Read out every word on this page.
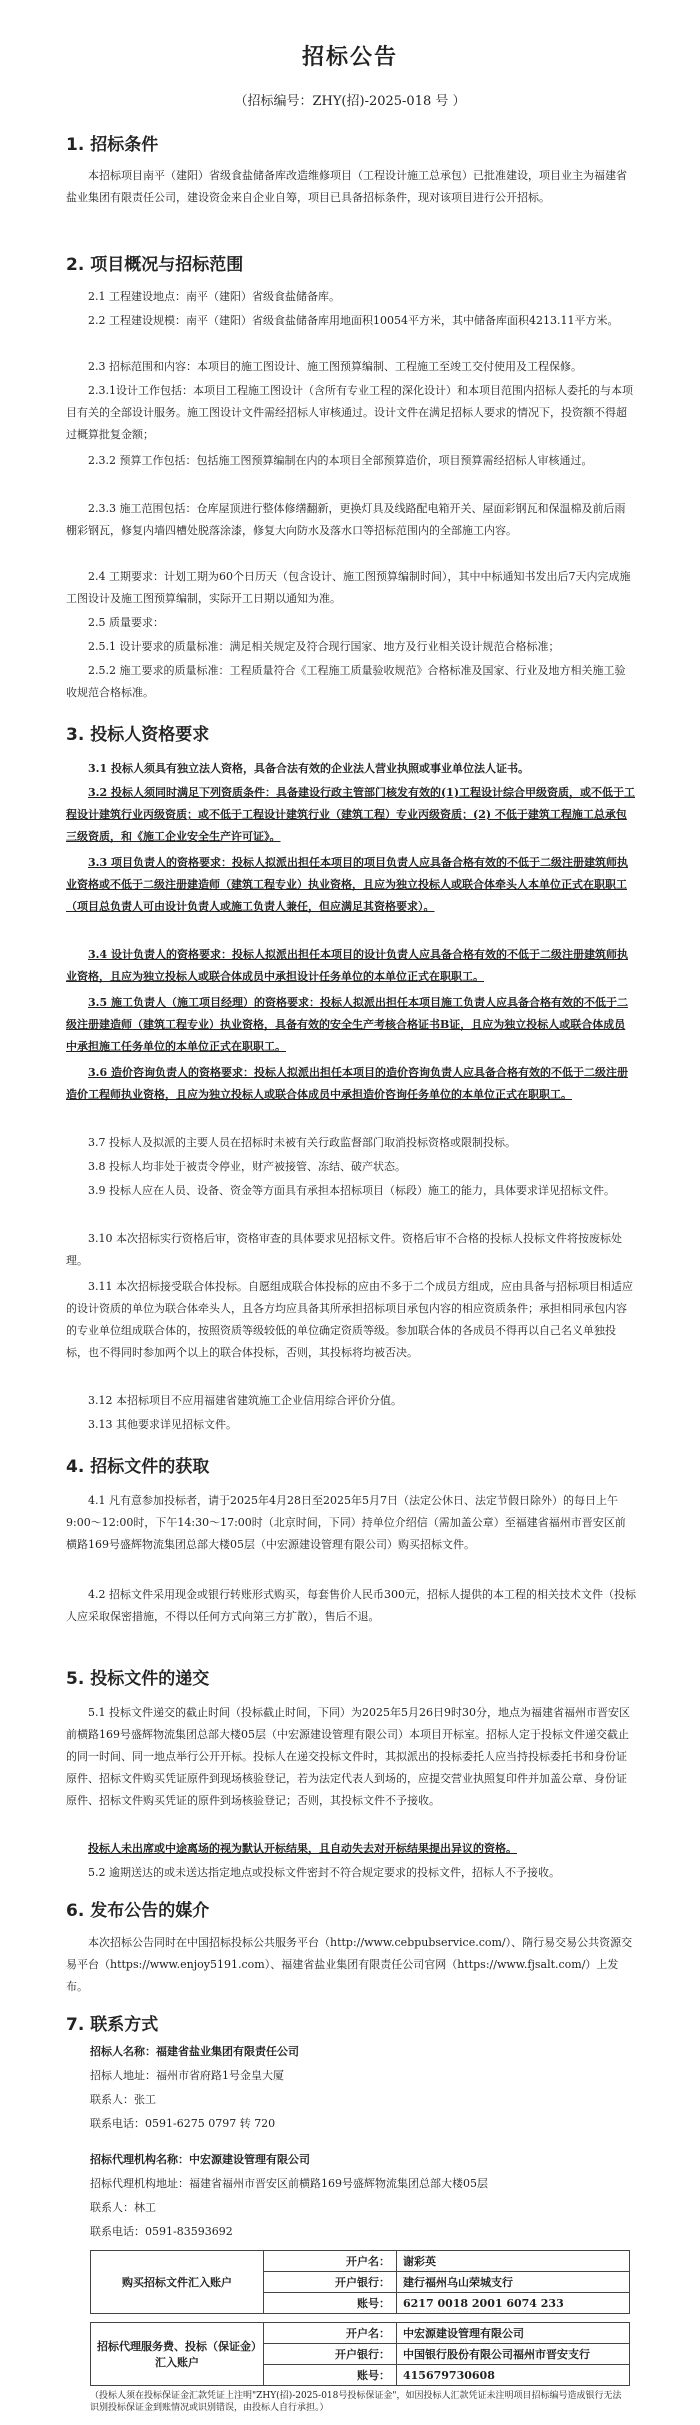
招标公告
（招标编号：ZHY(招)-2025-018 号 ）
1. 招标条件
本招标项目南平（建阳）省级食盐储备库改造维修项目（工程设计施工总承包）已批准建设，项目业主为福建省盐业集团有限责任公司，建设资金来自企业自筹，项目已具备招标条件，现对该项目进行公开招标。
2. 项目概况与招标范围
2.1 工程建设地点：南平（建阳）省级食盐储备库。
2.2 工程建设规模：南平（建阳）省级食盐储备库用地面积10054平方米，其中储备库面积4213.11平方米。
2.3 招标范围和内容：本项目的施工图设计、施工图预算编制、工程施工至竣工交付使用及工程保修。
2.3.1设计工作包括：本项目工程施工图设计（含所有专业工程的深化设计）和本项目范围内招标人委托的与本项目有关的全部设计服务。施工图设计文件需经招标人审核通过。设计文件在满足招标人要求的情况下，投资额不得超过概算批复金额；
2.3.2 预算工作包括：包括施工图预算编制在内的本项目全部预算造价，项目预算需经招标人审核通过。
2.3.3 施工范围包括：仓库屋顶进行整体修缮翻新，更换灯具及线路配电箱开关、屋面彩钢瓦和保温棉及前后雨棚彩钢瓦，修复内墙四槽处脱落涂漆，修复大向防水及落水口等招标范围内的全部施工内容。
2.4 工期要求：计划工期为60个日历天（包含设计、施工图预算编制时间），其中中标通知书发出后7天内完成施工图设计及施工图预算编制，实际开工日期以通知为准。
2.5 质量要求：
2.5.1 设计要求的质量标准：满足相关规定及符合现行国家、地方及行业相关设计规范合格标准；
2.5.2 施工要求的质量标准：工程质量符合《工程施工质量验收规范》合格标准及国家、行业及地方相关施工验收规范合格标准。
3. 投标人资格要求
3.1 投标人须具有独立法人资格，具备合法有效的企业法人营业执照或事业单位法人证书。
3.2 投标人须同时满足下列资质条件：具备建设行政主管部门核发有效的(1)工程设计综合甲级资质，或不低于工程设计建筑行业丙级资质；或不低于工程设计建筑行业（建筑工程）专业丙级资质；(2) 不低于建筑工程施工总承包三级资质，和《施工企业安全生产许可证》。
3.3 项目负责人的资格要求：投标人拟派出担任本项目的项目负责人应具备合格有效的不低于二级注册建筑师执业资格或不低于二级注册建造师（建筑工程专业）执业资格，且应为独立投标人或联合体牵头人本单位正式在职职工（项目总负责人可由设计负责人或施工负责人兼任，但应满足其资格要求）。
3.4 设计负责人的资格要求：投标人拟派出担任本项目的设计负责人应具备合格有效的不低于二级注册建筑师执业资格，且应为独立投标人或联合体成员中承担设计任务单位的本单位正式在职职工。
3.5 施工负责人（施工项目经理）的资格要求：投标人拟派出担任本项目施工负责人应具备合格有效的不低于二级注册建造师（建筑工程专业）执业资格，具备有效的安全生产考核合格证书B证，且应为独立投标人或联合体成员中承担施工任务单位的本单位正式在职职工。
3.6 造价咨询负责人的资格要求：投标人拟派出担任本项目的造价咨询负责人应具备合格有效的不低于二级注册造价工程师执业资格，且应为独立投标人或联合体成员中承担造价咨询任务单位的本单位正式在职职工。
3.7 投标人及拟派的主要人员在招标时未被有关行政监督部门取消投标资格或限制投标。
3.8 投标人均非处于被责令停业，财产被接管、冻结、破产状态。
3.9 投标人应在人员、设备、资金等方面具有承担本招标项目（标段）施工的能力，具体要求详见招标文件。
3.10 本次招标实行资格后审，资格审查的具体要求见招标文件。资格后审不合格的投标人投标文件将按废标处理。
3.11 本次招标接受联合体投标。自愿组成联合体投标的应由不多于二个成员方组成，应由具备与招标项目相适应的设计资质的单位为联合体牵头人，且各方均应具备其所承担招标项目承包内容的相应资质条件；承担相同承包内容的专业单位组成联合体的，按照资质等级较低的单位确定资质等级。参加联合体的各成员不得再以自己名义单独投标，也不得同时参加两个以上的联合体投标，否则，其投标将均被否决。
3.12 本招标项目不应用福建省建筑施工企业信用综合评价分值。
3.13 其他要求详见招标文件。
4. 招标文件的获取
4.1 凡有意参加投标者，请于2025年4月28日至2025年5月7日（法定公休日、法定节假日除外）的每日上午9:00～12:00时，下午14:30～17:00时（北京时间，下同）持单位介绍信（需加盖公章）至福建省福州市晋安区前横路169号盛辉物流集团总部大楼05层（中宏源建设管理有限公司）购买招标文件。
4.2 招标文件采用现金或银行转账形式购买，每套售价人民币300元，招标人提供的本工程的相关技术文件（投标人应采取保密措施，不得以任何方式向第三方扩散），售后不退。
5. 投标文件的递交
5.1 投标文件递交的截止时间（投标截止时间，下同）为2025年5月26日9时30分，地点为福建省福州市晋安区前横路169号盛辉物流集团总部大楼05层（中宏源建设管理有限公司）本项目开标室。招标人定于投标文件递交截止的同一时间、同一地点举行公开开标。投标人在递交投标文件时，其拟派出的投标委托人应当持投标委托书和身份证原件、招标文件购买凭证原件到现场核验登记，若为法定代表人到场的，应提交营业执照复印件并加盖公章、身份证原件、招标文件购买凭证的原件到场核验登记；否则，其投标文件不予接收。
投标人未出席或中途离场的视为默认开标结果，且自动失去对开标结果提出异议的资格。
5.2 逾期送达的或未送达指定地点或投标文件密封不符合规定要求的投标文件，招标人不予接收。
6. 发布公告的媒介
本次招标公告同时在中国招标投标公共服务平台（http://www.cebpubservice.com/）、隋行易交易公共资源交易平台（https://www.enjoy5191.com）、福建省盐业集团有限责任公司官网（https://www.fjsalt.com/）上发布。
7. 联系方式
招标人名称：福建省盐业集团有限责任公司
招标人地址：福州市省府路1号金皇大厦
联系人：张工
联系电话：0591-6275 0797 转 720
招标代理机构名称：中宏源建设管理有限公司
招标代理机构地址：福建省福州市晋安区前横路169号盛辉物流集团总部大楼05层
联系人：林工
联系电话：0591-83593692
购买招标文件汇入账户	开户名：	谢彩英
	开户银行：	建行福州乌山荣城支行
	账号：	6217 0018 2001 6074 233
招标代理服务费、投标（保证金）
汇入账户	开户名：	中宏源建设管理有限公司
	开户银行：	中国银行股份有限公司福州市晋安支行
	账号：	415679730608
（投标人须在投标保证金汇款凭证上注明"ZHY(招)-2025-018号投标保证金"，如因投标人汇款凭证未注明项目招标编号造成银行无法识别投标保证金到账情况或识别错误，由投标人自行承担。）
